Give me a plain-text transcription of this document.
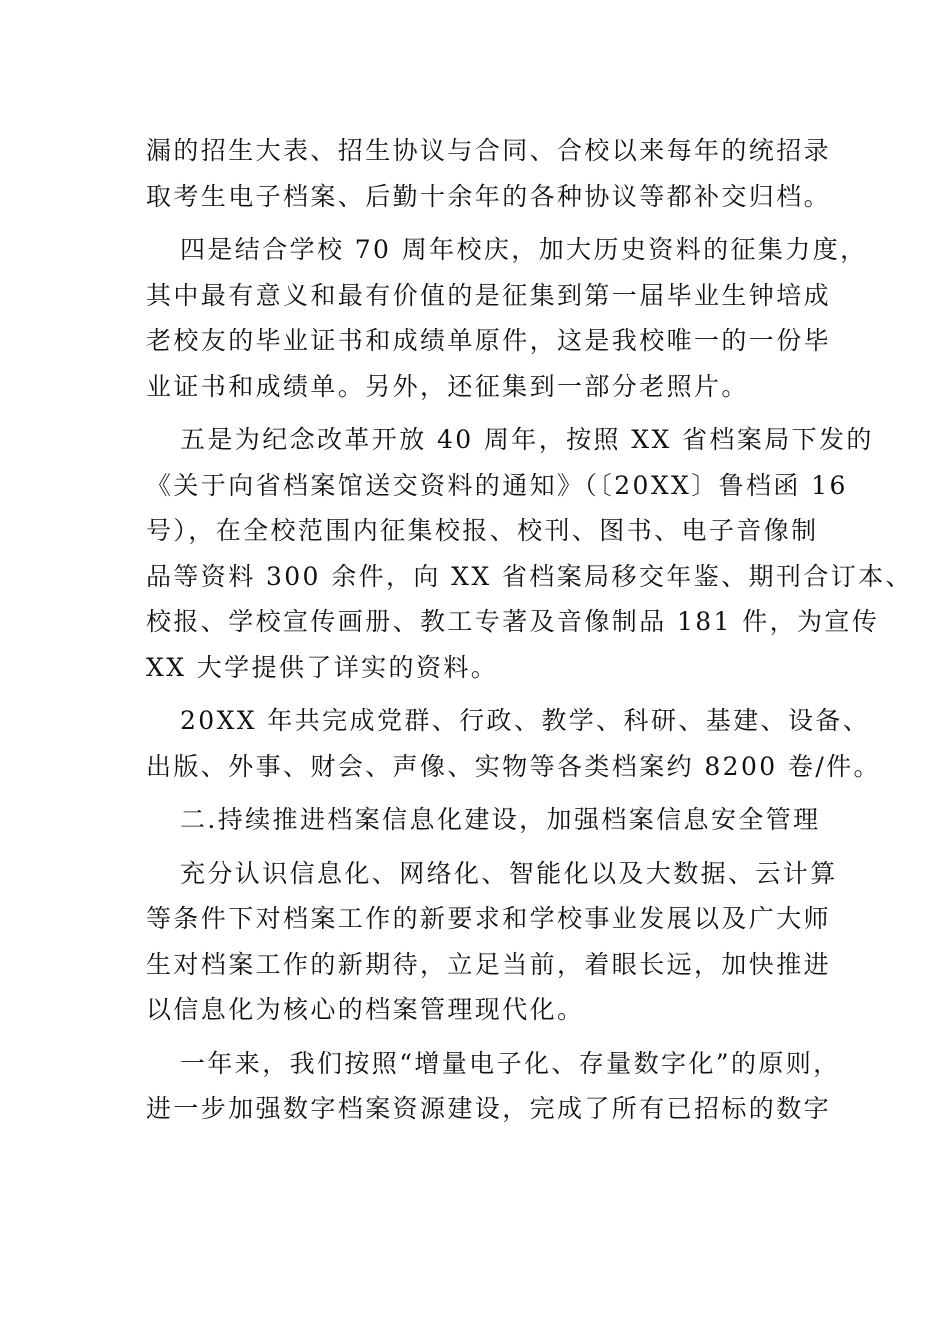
漏的招生大表、招生协议与合同、合校以来每年的统招录
取考生电子档案、后勤十余年的各种协议等都补交归档。
四是结合学校 70 周年校庆，加大历史资料的征集力度，
其中最有意义和最有价值的是征集到第一届毕业生钟培成
老校友的毕业证书和成绩单原件，这是我校唯一的一份毕
业证书和成绩单。另外，还征集到一部分老照片。
五是为纪念改革开放 40 周年，按照 XX 省档案局下发的
《关于向省档案馆送交资料的通知》（〔20XX〕鲁档函 16
号），在全校范围内征集校报、校刊、图书、电子音像制
品等资料 300 余件，向 XX 省档案局移交年鉴、期刊合订本、
校报、学校宣传画册、教工专著及音像制品 181 件，为宣传
XX 大学提供了详实的资料。
20XX 年共完成党群、行政、教学、科研、基建、设备、
出版、外事、财会、声像、实物等各类档案约 8200 卷/件。
二.持续推进档案信息化建设，加强档案信息安全管理
充分认识信息化、网络化、智能化以及大数据、云计算
等条件下对档案工作的新要求和学校事业发展以及广大师
生对档案工作的新期待，立足当前，着眼长远，加快推进
以信息化为核心的档案管理现代化。
一年来，我们按照“增量电子化、存量数字化”的原则，
进一步加强数字档案资源建设，完成了所有已招标的数字
